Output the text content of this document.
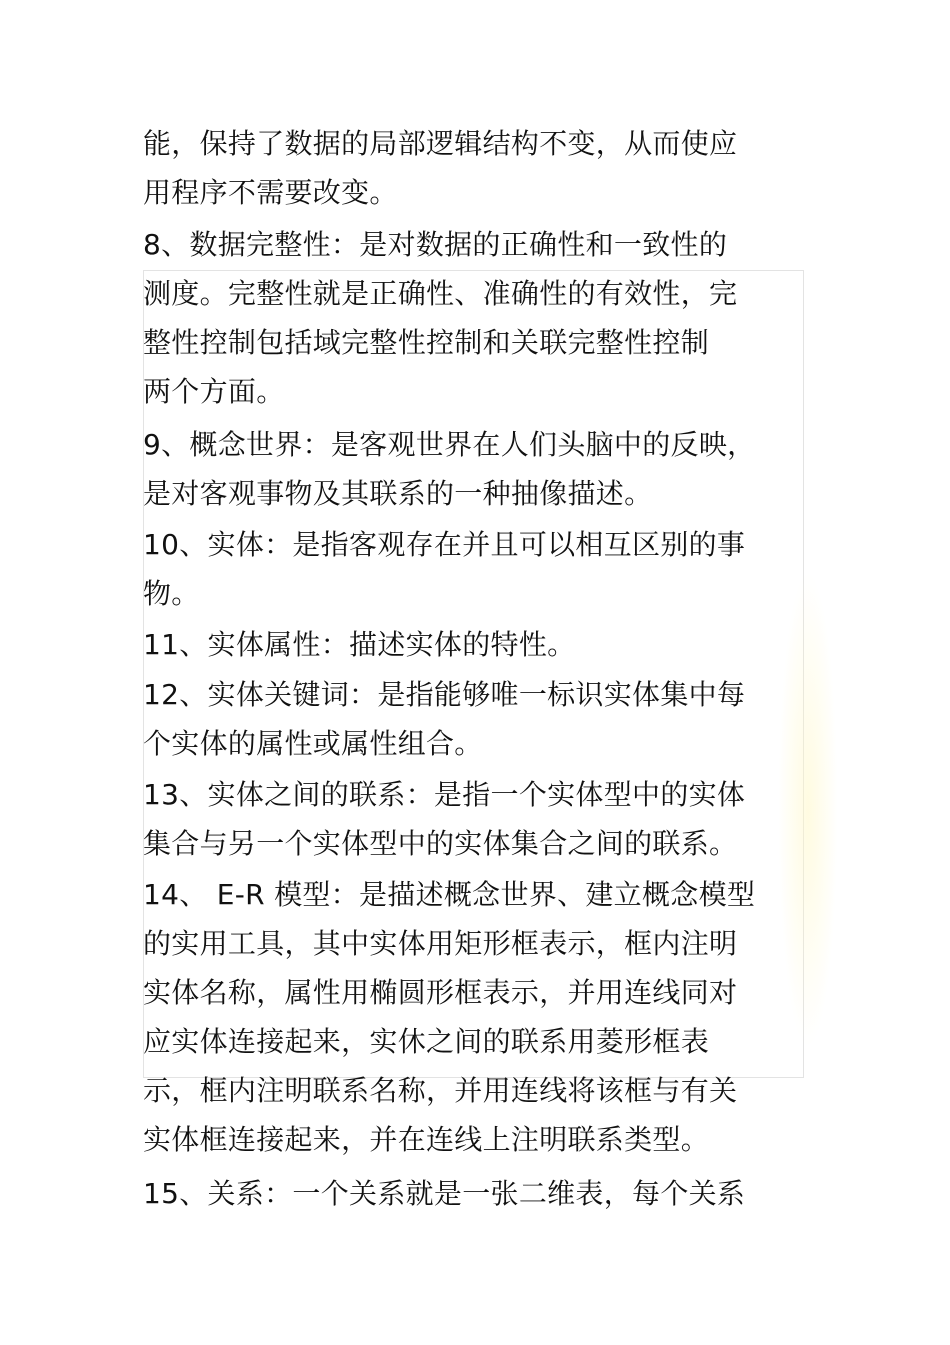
能，保持了数据的局部逻辑结构不变，从而使应
用程序不需要改变。
8、数据完整性：是对数据的正确性和一致性的
测度。完整性就是正确性、准确性的有效性，完
整性控制包括域完整性控制和关联完整性控制
两个方面。
9、概念世界：是客观世界在人们头脑中的反映，
是对客观事物及其联系的一种抽像描述。
10、实体：是指客观存在并且可以相互区别的事
物。
11、实体属性：描述实体的特性。
12、实体关键词：是指能够唯一标识实体集中每
个实体的属性或属性组合。
13、实体之间的联系：是指一个实体型中的实体
集合与另一个实体型中的实体集合之间的联系。
14、 E-R 模型：是描述概念世界、建立概念模型
的实用工具，其中实体用矩形框表示，框内注明
实体名称，属性用椭圆形框表示，并用连线同对
应实体连接起来，实休之间的联系用菱形框表
示，框内注明联系名称，并用连线将该框与有关
实体框连接起来，并在连线上注明联系类型。
15、关系：一个关系就是一张二维表，每个关系
